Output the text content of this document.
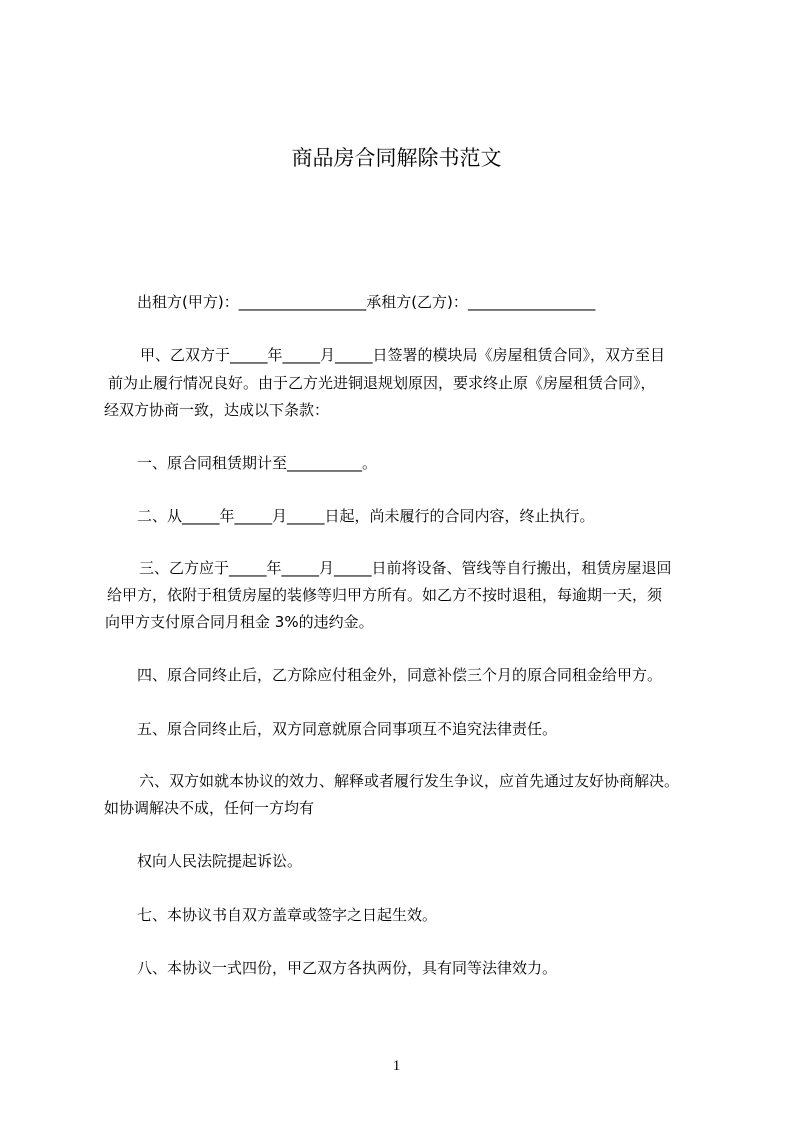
商品房合同解除书范文
出租方(甲方)：_________________承租方(乙方)：_________________
甲、乙双方于_____年_____月_____日签署的模块局《房屋租赁合同》，双方至目
前为止履行情况良好。由于乙方光进铜退规划原因，要求终止原《房屋租赁合同》，
经双方协商一致，达成以下条款：
一、原合同租赁期计至__________。
二、从_____年_____月_____日起，尚未履行的合同内容，终止执行。
三、乙方应于_____年_____月_____日前将设备、管线等自行搬出，租赁房屋退回
给甲方，依附于租赁房屋的装修等归甲方所有。如乙方不按时退租，每逾期一天，须
向甲方支付原合同月租金 3%的违约金。
四、原合同终止后，乙方除应付租金外，同意补偿三个月的原合同租金给甲方。
五、原合同终止后，双方同意就原合同事项互不追究法律责任。
六、双方如就本协议的效力、解释或者履行发生争议，应首先通过友好协商解决。
如协调解决不成，任何一方均有
权向人民法院提起诉讼。
七、本协议书自双方盖章或签字之日起生效。
八、本协议一式四份，甲乙双方各执两份，具有同等法律效力。
1
